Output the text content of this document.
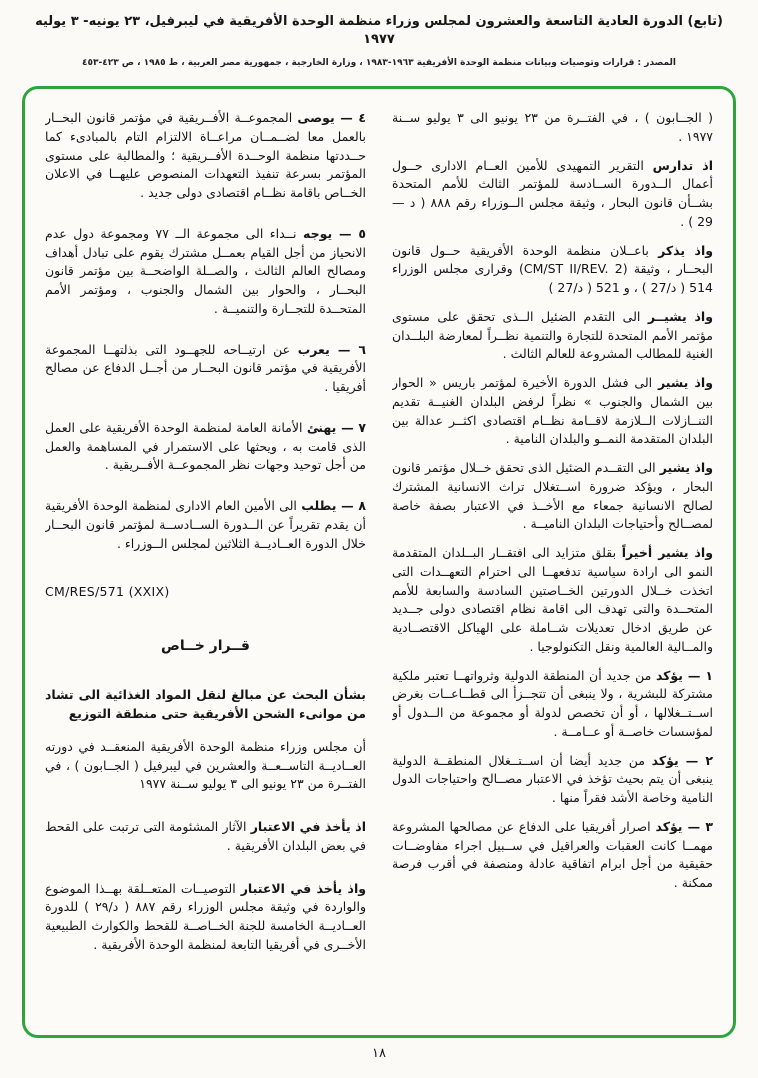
(تابع) الدورة العادية التاسعة والعشرون لمجلس وزراء منظمة الوحدة الأفريقية في ليبرفيل، ٢٣ يونيه- ٣ يوليه ١٩٧٧
المصدر : قرارات وتوصيات وبيانات منظمة الوحدة الأفريقية ١٩٦٣-١٩٨٣ ، وزارة الخارجية ، جمهورية مصر العربية ، ط ١٩٨٥ ، ص ٤٢٣-٤٥٣

( الجــابون ) ، في الفتــرة من ٢٣ يونيو الى ٣ يوليو ســنة ١٩٧٧ .

اذ تدارس التقرير التمهيدى للأمين العــام الادارى حــول أعمال الــدورة الســادسة للمؤتمر الثالث للأمم المتحدة بشــأن قانون البحار ، وثيقة مجلس الــوزراء رقم ٨٨٨ ( د — 29 ) .

واذ يذكر باعــلان منظمة الوحدة الأفريقية حــول قانون البحــار ، وثيقة (CM/ST II/REV. 2) وقرارى مجلس الوزراء 514 ( د/27 ) ، و 521 ( د/27 )

واذ يشيــر الى التقدم الضئيل الــذى تحقق على مستوى مؤتمر الأمم المتحدة للتجارة والتنمية نظــراً لمعارضة البلــدان الغنية للمطالب المشروعة للعالم الثالث .

واذ يشير الى فشل الدورة الأخيرة لمؤتمر باريس « الحوار بين الشمال والجنوب » نظراً لرفض البلدان الغنيــة تقديم التنــازلات الــلازمة لاقــامة نظــام اقتصادى اكثــر عدالة بين البلدان المتقدمة النمــو والبلدان النامية .

واذ يشير الى التقــدم الضئيل الذى تحقق خــلال مؤتمر قانون البحار ، ويؤكد ضرورة اســتغلال تراث الانسانية المشترك لصالح الانسانية جمعاء مع الأخــذ في الاعتبار بصفة خاصة لمصــالح وأحتياجات البلدان الناميــة .

واذ يشير أخيراً بقلق متزايد الى افتقــار البــلدان المتقدمة النمو الى ارادة سياسية تدفعهــا الى احترام التعهــدات التى اتخذت خــلال الدورتين الخــاصتين السادسة والسابعة للأمم المتحــدة والتى تهدف الى اقامة نظام اقتصادى دولى جــديد عن طريق ادخال تعديلات شــاملة على الهياكل الاقتصــادية والمــالية العالمية ونقل التكنولوجيا .

١ — يؤكد من جديد أن المنطقة الدولية وثرواتهــا تعتبر ملكية مشتركة للبشرية ، ولا ينبغى أن تتجــزأ الى قطــاعــات بغرض اســتــغلالها ، أو أن تخصص لدولة أو مجموعة من الــدول أو لمؤسسات خاصــة أو عــامــة .

٢ — يؤكد من جديد أيضا أن اســتــغلال المنطقــة الدولية ينبغى أن يتم بحيث تؤخذ في الاعتبار مصــالح واحتياجات الدول النامية وخاصة الأشد فقراً منها .

٣ — يؤكد اصرار أفريقيا على الدفاع عن مصالحها المشروعة مهمــا كانت العقبات والعراقيل في ســبيل اجراء مفاوضــات حقيقية من أجل ابرام اتفاقية عادلة ومنصفة في أقرب فرصة ممكنة .

٤ — يوصى المجموعــة الأفــريقية في مؤتمر قانون البحــار بالعمل معا لضــمــان مراعــاة الالتزام التام بالمبادىء كما حــددتها منظمة الوحــدة الأفــريقية ؛ والمطالبة على مستوى المؤتمر بسرعة تنفيذ التعهدات المنصوص عليهــا في الاعلان الخــاص باقامة نظــام اقتصادى دولى جديد .

٥ — يوجه نــداء الى مجموعة الــ ٧٧ ومجموعة دول عدم الانحياز من أجل القيام بعمــل مشترك يقوم على تبادل أهداف ومصالح العالم الثالث ، والصــلة الواضحــة بين مؤتمر قانون البحــار ، والحوار بين الشمال والجنوب ، ومؤتمر الأمم المتحــدة للتجــارة والتنميــة .

٦ — يعرب عن ارتيــاحه للجهــود التى بذلتهــا المجموعة الأفريقية في مؤتمر قانون البحــار من أجــل الدفاع عن مصالح أفريقيا .

٧ — يهنئ الأمانة العامة لمنظمة الوحدة الأفريقية على العمل الذى قامت به ، ويحثها على الاستمرار في المساهمة والعمل من أجل توحيد وجهات نظر المجموعــة الأفــريقية .

٨ — يطلب الى الأمين العام الادارى لمنظمة الوحدة الأفريقية أن يقدم تقريراً عن الــدورة الســادســة لمؤتمر قانون البحــار خلال الدورة العــاديــة الثلاثين لمجلس الــوزراء .

CM/RES/571 (XXIX)
قــرار خــاص
بشأن البحث عن مبالغ لنقل المواد الغذائية الى تشاد من موانىء الشحن الأفريقية حتى منطقة التوزيع

أن مجلس وزراء منظمة الوحدة الأفريقية المنعقــد في دورته العــاديــة التاســعــة والعشرين في ليبرفيل ( الجــابون ) ، في الفتــرة من ٢٣ يونيو الى ٣ يوليو ســنة ١٩٧٧

اذ يأخذ في الاعتبار الآثار المشئومة التى ترتبت على القحط في بعض البلدان الأفريقية .

واذ يأخذ في الاعتبار التوصيــات المتعــلقة بهــذا الموضوع والواردة في وثيقة مجلس الوزراء رقم ٨٨٧ ( د/٢٩ ) للدورة العــاديــة الخامسة للجنة الخــاصــة للقحط والكوارث الطبيعية الأخــرى في أفريقيا التابعة لمنظمة الوحدة الأفريقية .

١٨
